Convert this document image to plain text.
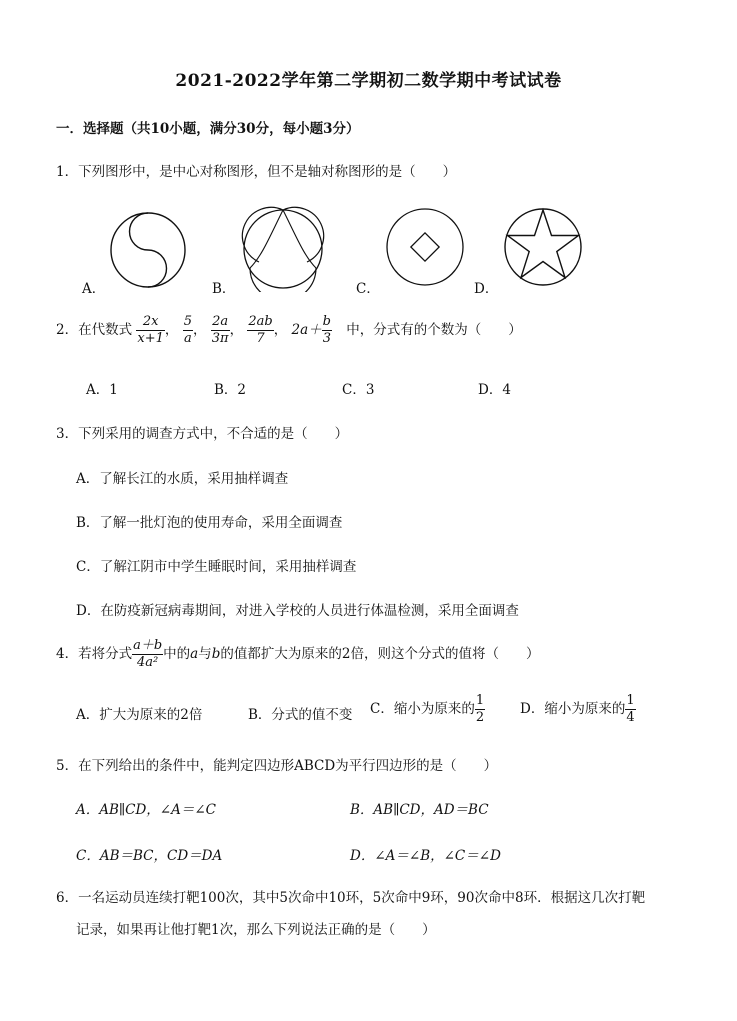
2021-2022学年第二学期初二数学期中考试试卷
一．选择题（共10小题，满分30分，每小题3分）
1．下列图形中，是中心对称图形，但不是轴对称图形的是（　　）
A．	B．	C．	D．
2．在代数式 $\frac{2x}{x+1}$ ， $\frac{5}{a}$ ， $\frac{2a}{3\pi}$ ， $\frac{2ab}{7}$ ， $2a+ \frac{b}{3}$ 中，分式有的个数为（　　）
A．1	B．2	C．3	D．4
3．下列采用的调查方式中，不合适的是（　　）
A．了解长江的水质，采用抽样调查
B．了解一批灯泡的使用寿命，采用全面调查
C．了解江阴市中学生睡眠时间，采用抽样调查
D．在防疫新冠病毒期间，对进入学校的人员进行体温检测，采用全面调查
4．若将分式 $\frac{a+b}{\text{4a²}}$ 中的a与b的值都扩大为原来的2倍，则这个分式的值将（　　）
A．扩大为原来的2倍	B．分式的值不变 C．缩小为原来的 $\frac{1}{2}$	D．缩小为原来的 $\frac{1}{4}$
5．在下列给出的条件中，能判定四边形ABCD为平行四边形的是（　　）
A．AB∥CD，∠A＝∠C	B．AB∥CD，AD＝BC
C．AB＝BC，CD＝DA	D．∠A＝∠B，∠C＝∠D
6．一名运动员连续打靶100次，其中5次命中10环，5次命中9环，90次命中8环．根据这几次打靶
记录，如果再让他打靶1次，那么下列说法正确的是（　　）
